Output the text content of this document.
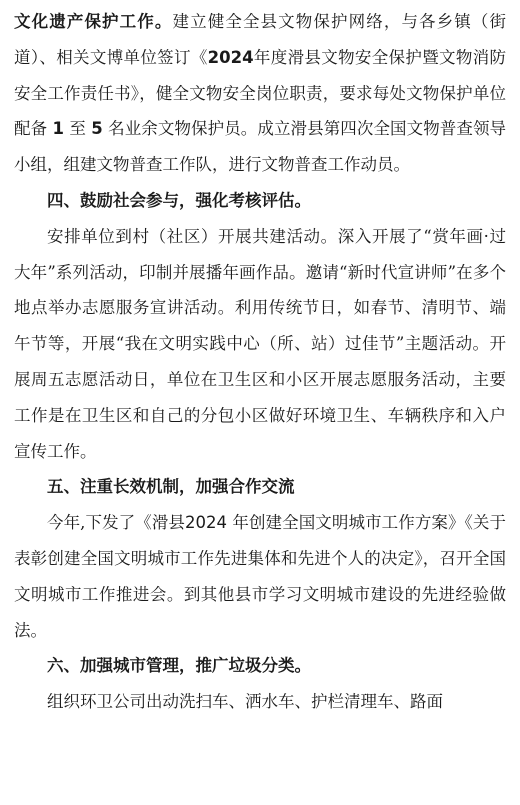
文化遗产保护工作。建立健全全县文物保护网络，与各乡镇（街道）、相关文博单位签订《2024年度滑县文物安全保护暨文物消防安全工作责任书》，健全文物安全岗位职责，要求每处文物保护单位配备 1 至 5 名业余文物保护员。成立滑县第四次全国文物普查领导小组，组建文物普查工作队，进行文物普查工作动员。

四、鼓励社会参与，强化考核评估。

安排单位到村（社区）开展共建活动。深入开展了“赏年画·过大年”系列活动，印制并展播年画作品。邀请“新时代宣讲师”在多个地点举办志愿服务宣讲活动。利用传统节日，如春节、清明节、端午节等，开展“我在文明实践中心（所、站）过佳节”主题活动。开展周五志愿活动日，单位在卫生区和小区开展志愿服务活动，主要工作是在卫生区和自己的分包小区做好环境卫生、车辆秩序和入户宣传工作。

五、注重长效机制，加强合作交流

今年,下发了《滑县2024 年创建全国文明城市工作方案》《关于表彰创建全国文明城市工作先进集体和先进个人的决定》，召开全国文明城市工作推进会。到其他县市学习文明城市建设的先进经验做法。

六、加强城市管理，推广垃圾分类。

组织环卫公司出动洗扫车、洒水车、护栏清理车、路面
